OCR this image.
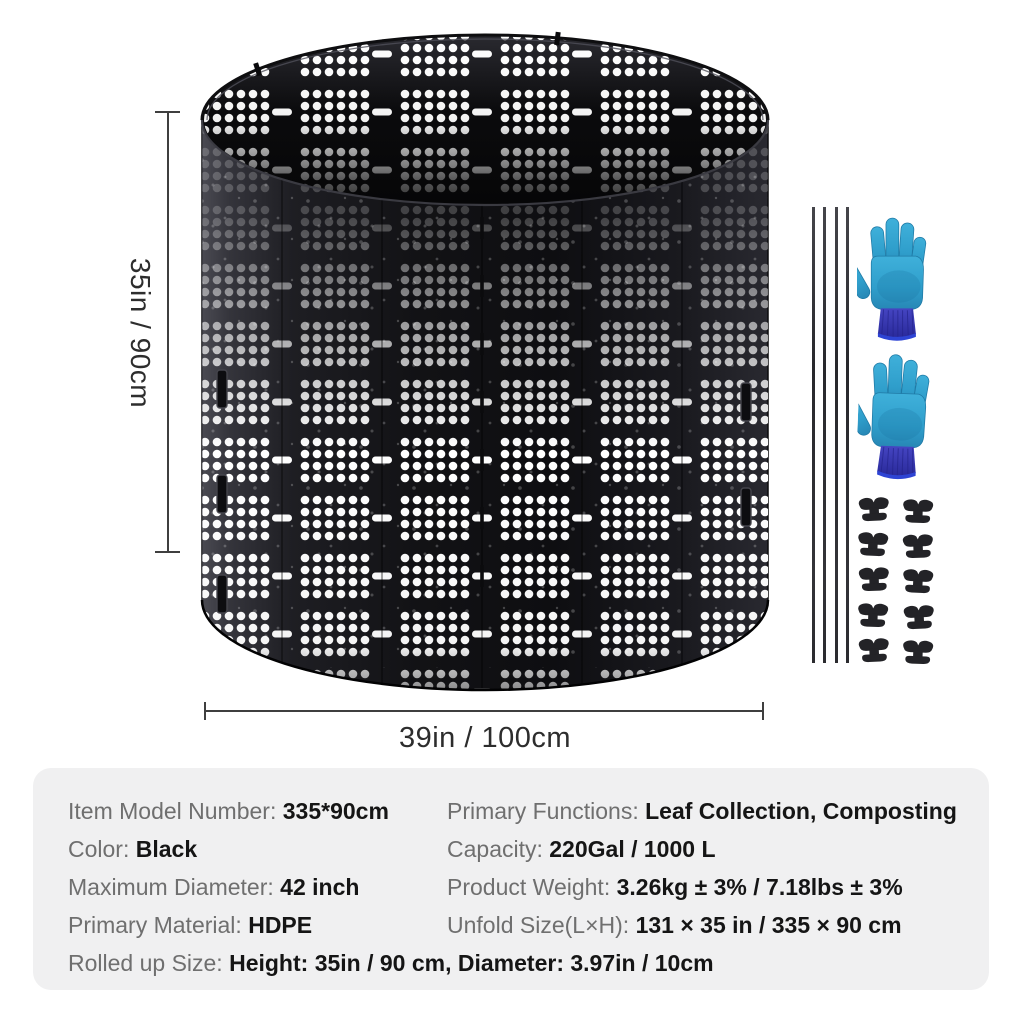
35in / 90cm
39in / 100cm
Item Model Number: 335*90cm
Color: Black
Maximum Diameter: 42 inch
Primary Material: HDPE
Primary Functions: Leaf Collection, Composting
Capacity: 220Gal / 1000 L
Product Weight: 3.26kg ± 3% / 7.18lbs ± 3%
Unfold Size(L×H): 131 × 35 in / 335 × 90 cm
Rolled up Size: Height: 35in / 90 cm, Diameter: 3.97in / 10cm
